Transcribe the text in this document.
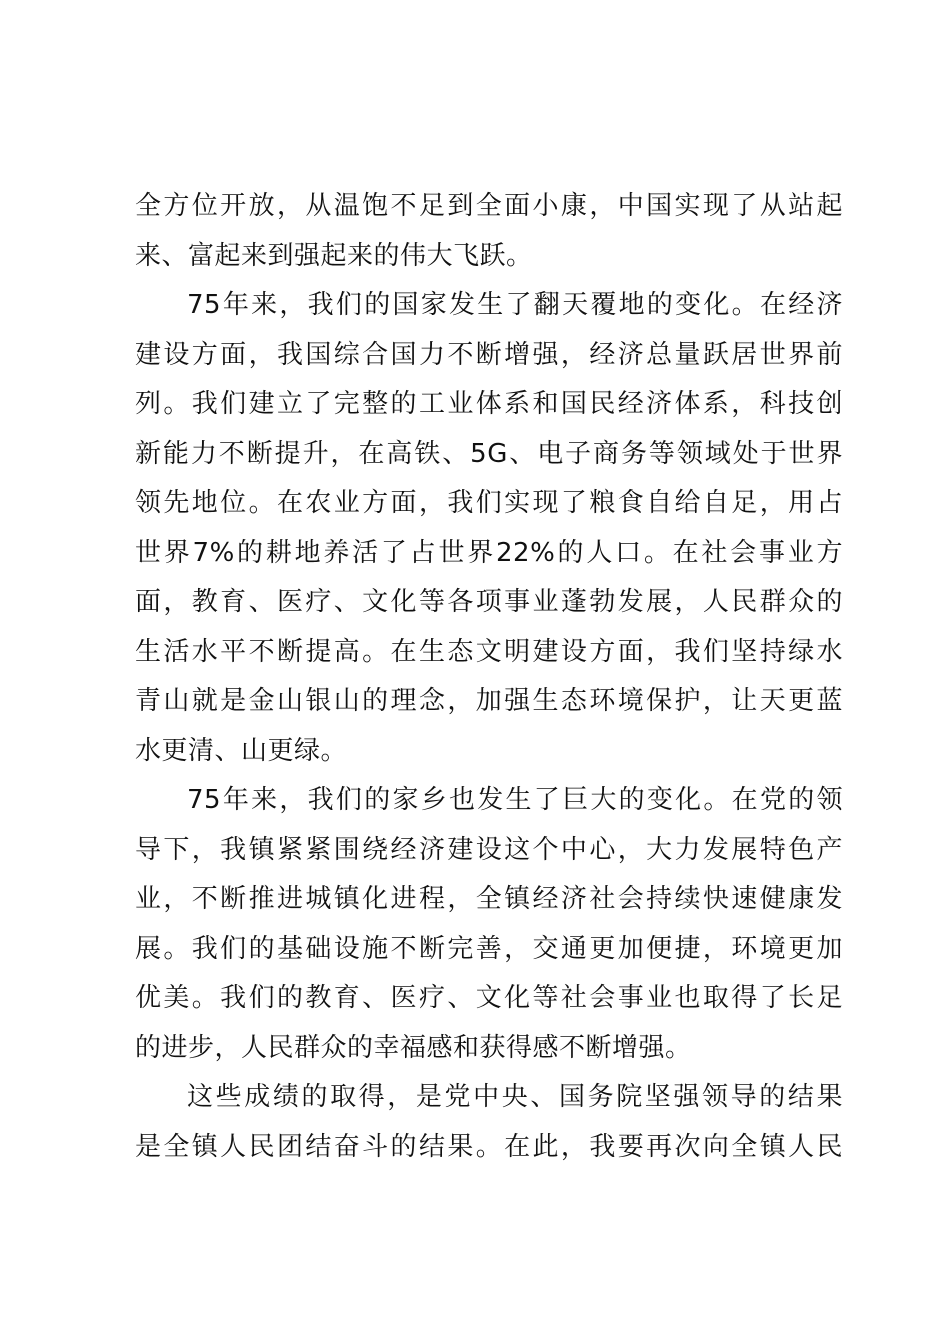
全方位开放，从温饱不足到全面小康，中国实现了从站起
来、富起来到强起来的伟大飞跃。
75年来，我们的国家发生了翻天覆地的变化。在经济
建设方面，我国综合国力不断增强，经济总量跃居世界前
列。我们建立了完整的工业体系和国民经济体系，科技创
新能力不断提升，在高铁、5G、电子商务等领域处于世界
领先地位。在农业方面，我们实现了粮食自给自足，用占
世界7%的耕地养活了占世界22%的人口。在社会事业方
面，教育、医疗、文化等各项事业蓬勃发展，人民群众的
生活水平不断提高。在生态文明建设方面，我们坚持绿水
青山就是金山银山的理念，加强生态环境保护，让天更蓝
水更清、山更绿。
75年来，我们的家乡也发生了巨大的变化。在党的领
导下，我镇紧紧围绕经济建设这个中心，大力发展特色产
业，不断推进城镇化进程，全镇经济社会持续快速健康发
展。我们的基础设施不断完善，交通更加便捷，环境更加
优美。我们的教育、医疗、文化等社会事业也取得了长足
的进步，人民群众的幸福感和获得感不断增强。
这些成绩的取得，是党中央、国务院坚强领导的结果
是全镇人民团结奋斗的结果。在此，我要再次向全镇人民
